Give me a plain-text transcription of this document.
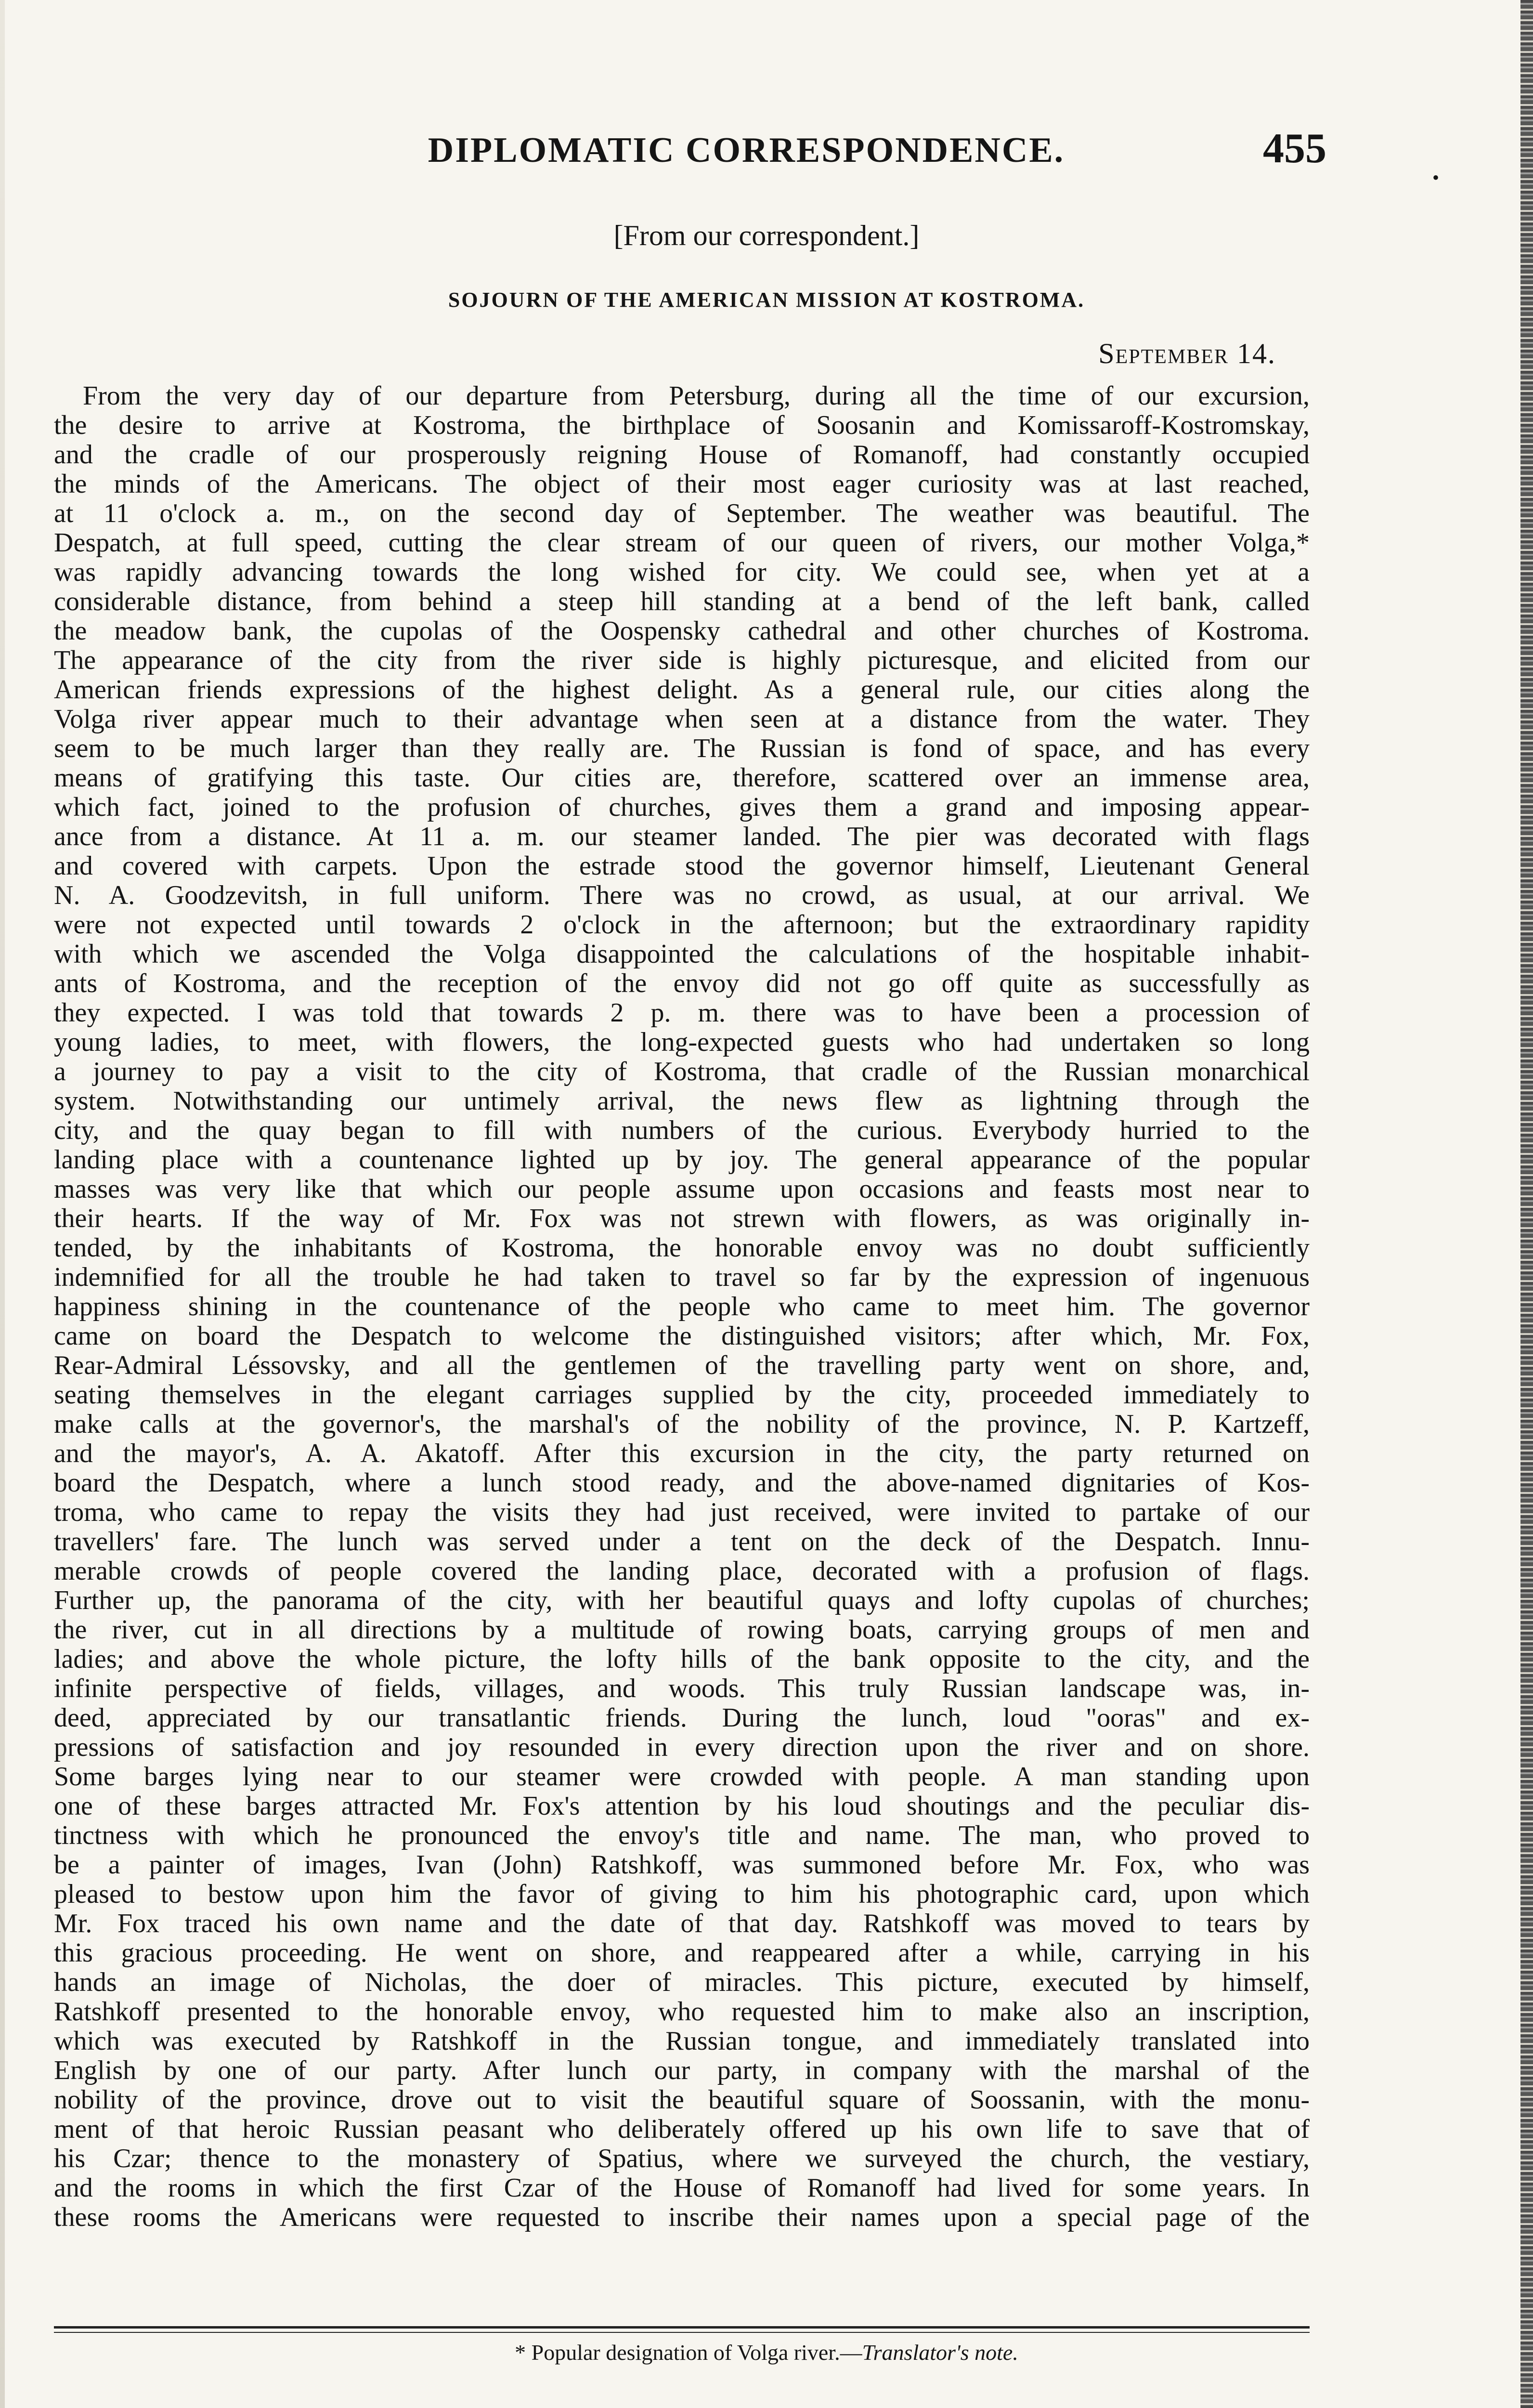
DIPLOMATIC CORRESPONDENCE.	455
•
[From our correspondent.]
SOJOURN OF THE AMERICAN MISSION AT KOSTROMA.
September 14.
From the very day of our departure from Petersburg, during all the time of our excursion,
the desire to arrive at Kostroma, the birthplace of Soosanin and Komissaroff-Kostromskay,
and the cradle of our prosperously reigning House of Romanoff, had constantly occupied
the minds of the Americans. The object of their most eager curiosity was at last reached,
at 11 o'clock a. m., on the second day of September. The weather was beautiful. The
Despatch, at full speed, cutting the clear stream of our queen of rivers, our mother Volga,*
was rapidly advancing towards the long wished for city. We could see, when yet at a
considerable distance, from behind a steep hill standing at a bend of the left bank, called
the meadow bank, the cupolas of the Oospensky cathedral and other churches of Kostroma.
The appearance of the city from the river side is highly picturesque, and elicited from our
American friends expressions of the highest delight. As a general rule, our cities along the
Volga river appear much to their advantage when seen at a distance from the water. They
seem to be much larger than they really are. The Russian is fond of space, and has every
means of gratifying this taste. Our cities are, therefore, scattered over an immense area,
which fact, joined to the profusion of churches, gives them a grand and imposing appear-
ance from a distance. At 11 a. m. our steamer landed. The pier was decorated with flags
and covered with carpets. Upon the estrade stood the governor himself, Lieutenant General
N. A. Goodzevitsh, in full uniform. There was no crowd, as usual, at our arrival. We
were not expected until towards 2 o'clock in the afternoon; but the extraordinary rapidity
with which we ascended the Volga disappointed the calculations of the hospitable inhabit-
ants of Kostroma, and the reception of the envoy did not go off quite as successfully as
they expected. I was told that towards 2 p. m. there was to have been a procession of
young ladies, to meet, with flowers, the long-expected guests who had undertaken so long
a journey to pay a visit to the city of Kostroma, that cradle of the Russian monarchical
system. Notwithstanding our untimely arrival, the news flew as lightning through the
city, and the quay began to fill with numbers of the curious. Everybody hurried to the
landing place with a countenance lighted up by joy. The general appearance of the popular
masses was very like that which our people assume upon occasions and feasts most near to
their hearts. If the way of Mr. Fox was not strewn with flowers, as was originally in-
tended, by the inhabitants of Kostroma, the honorable envoy was no doubt sufficiently
indemnified for all the trouble he had taken to travel so far by the expression of ingenuous
happiness shining in the countenance of the people who came to meet him. The governor
came on board the Despatch to welcome the distinguished visitors; after which, Mr. Fox,
Rear-Admiral Léssovsky, and all the gentlemen of the travelling party went on shore, and,
seating themselves in the elegant carriages supplied by the city, proceeded immediately to
make calls at the governor's, the marshal's of the nobility of the province, N. P. Kartzeff,
and the mayor's, A. A. Akatoff. After this excursion in the city, the party returned on
board the Despatch, where a lunch stood ready, and the above-named dignitaries of Kos-
troma, who came to repay the visits they had just received, were invited to partake of our
travellers' fare. The lunch was served under a tent on the deck of the Despatch. Innu-
merable crowds of people covered the landing place, decorated with a profusion of flags.
Further up, the panorama of the city, with her beautiful quays and lofty cupolas of churches;
the river, cut in all directions by a multitude of rowing boats, carrying groups of men and
ladies; and above the whole picture, the lofty hills of the bank opposite to the city, and the
infinite perspective of fields, villages, and woods. This truly Russian landscape was, in-
deed, appreciated by our transatlantic friends. During the lunch, loud "ooras" and ex-
pressions of satisfaction and joy resounded in every direction upon the river and on shore.
Some barges lying near to our steamer were crowded with people. A man standing upon
one of these barges attracted Mr. Fox's attention by his loud shoutings and the peculiar dis-
tinctness with which he pronounced the envoy's title and name. The man, who proved to
be a painter of images, Ivan (John) Ratshkoff, was summoned before Mr. Fox, who was
pleased to bestow upon him the favor of giving to him his photographic card, upon which
Mr. Fox traced his own name and the date of that day. Ratshkoff was moved to tears by
this gracious proceeding. He went on shore, and reappeared after a while, carrying in his
hands an image of Nicholas, the doer of miracles. This picture, executed by himself,
Ratshkoff presented to the honorable envoy, who requested him to make also an inscription,
which was executed by Ratshkoff in the Russian tongue, and immediately translated into
English by one of our party. After lunch our party, in company with the marshal of the
nobility of the province, drove out to visit the beautiful square of Soossanin, with the monu-
ment of that heroic Russian peasant who deliberately offered up his own life to save that of
his Czar; thence to the monastery of Spatius, where we surveyed the church, the vestiary,
and the rooms in which the first Czar of the House of Romanoff had lived for some years. In
these rooms the Americans were requested to inscribe their names upon a special page of the
* Popular designation of Volga river.—Translator's note.
